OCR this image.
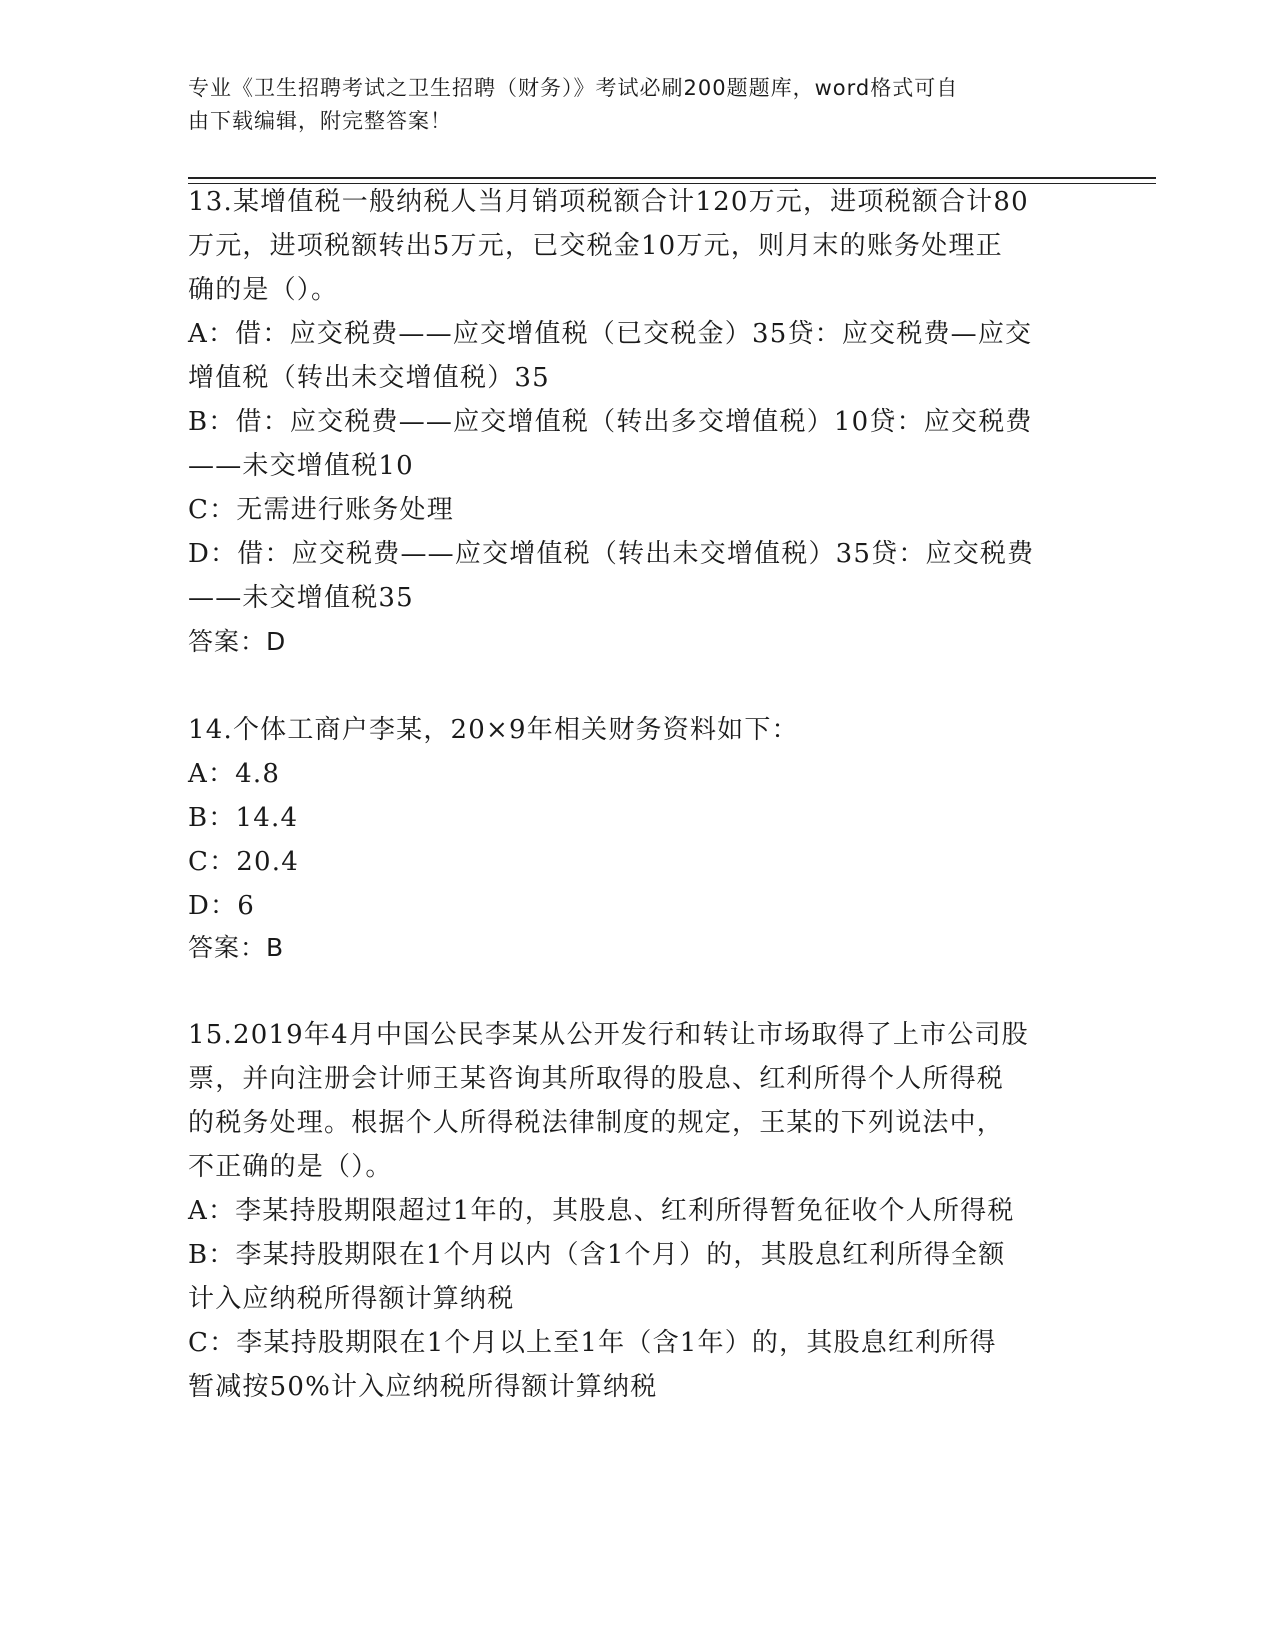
专业《卫生招聘考试之卫生招聘（财务）》考试必刷200题题库，word格式可自
由下载编辑，附完整答案！
13.某增值税一般纳税人当月销项税额合计120万元，进项税额合计80
万元，进项税额转出5万元，已交税金10万元，则月末的账务处理正
确的是（）。
A：借：应交税费——应交增值税（已交税金）35贷：应交税费—应交
增值税（转出未交增值税）35
B：借：应交税费——应交增值税（转出多交增值税）10贷：应交税费
——未交增值税10
C：无需进行账务处理
D：借：应交税费——应交增值税（转出未交增值税）35贷：应交税费
——未交增值税35
答案：D
14.个体工商户李某，20×9年相关财务资料如下：
A：4.8
B：14.4
C：20.4
D：6
答案：B
15.2019年4月中国公民李某从公开发行和转让市场取得了上市公司股
票，并向注册会计师王某咨询其所取得的股息、红利所得个人所得税
的税务处理。根据个人所得税法律制度的规定，王某的下列说法中，
不正确的是（）。
A：李某持股期限超过1年的，其股息、红利所得暂免征收个人所得税
B：李某持股期限在1个月以内（含1个月）的，其股息红利所得全额
计入应纳税所得额计算纳税
C：李某持股期限在1个月以上至1年（含1年）的，其股息红利所得
暂减按50%计入应纳税所得额计算纳税
